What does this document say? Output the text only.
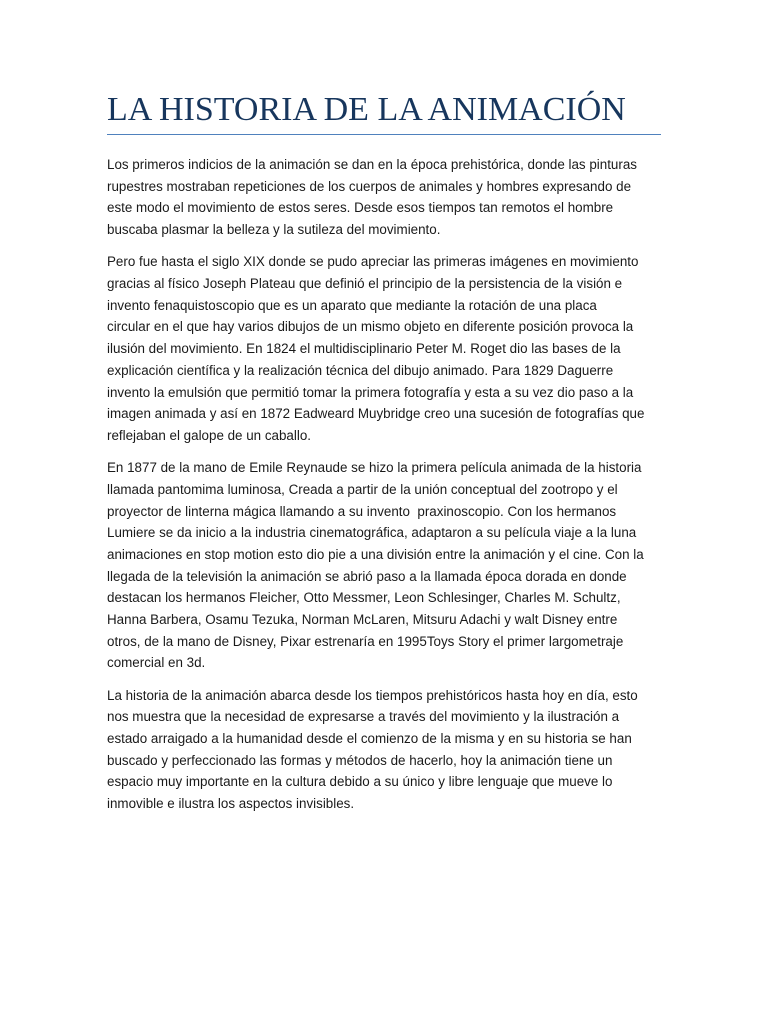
LA HISTORIA DE LA ANIMACIÓN

Los primeros indicios de la animación se dan en la época prehistórica, donde las pinturas
rupestres mostraban repeticiones de los cuerpos de animales y hombres expresando de
este modo el movimiento de estos seres. Desde esos tiempos tan remotos el hombre
buscaba plasmar la belleza y la sutileza del movimiento.

Pero fue hasta el siglo XIX donde se pudo apreciar las primeras imágenes en movimiento
gracias al físico Joseph Plateau que definió el principio de la persistencia de la visión e
invento fenaquistoscopio que es un aparato que mediante la rotación de una placa
circular en el que hay varios dibujos de un mismo objeto en diferente posición provoca la
ilusión del movimiento. En 1824 el multidisciplinario Peter M. Roget dio las bases de la
explicación científica y la realización técnica del dibujo animado. Para 1829 Daguerre
invento la emulsión que permitió tomar la primera fotografía y esta a su vez dio paso a la
imagen animada y así en 1872 Eadweard Muybridge creo una sucesión de fotografías que
reflejaban el galope de un caballo.

En 1877 de la mano de Emile Reynaude se hizo la primera película animada de la historia
llamada pantomima luminosa, Creada a partir de la unión conceptual del zootropo y el
proyector de linterna mágica llamando a su invento  praxinoscopio. Con los hermanos
Lumiere se da inicio a la industria cinematográfica, adaptaron a su película viaje a la luna
animaciones en stop motion esto dio pie a una división entre la animación y el cine. Con la
llegada de la televisión la animación se abrió paso a la llamada época dorada en donde
destacan los hermanos Fleicher, Otto Messmer, Leon Schlesinger, Charles M. Schultz,
Hanna Barbera, Osamu Tezuka, Norman McLaren, Mitsuru Adachi y walt Disney entre
otros, de la mano de Disney, Pixar estrenaría en 1995Toys Story el primer largometraje
comercial en 3d.

La historia de la animación abarca desde los tiempos prehistóricos hasta hoy en día, esto
nos muestra que la necesidad de expresarse a través del movimiento y la ilustración a
estado arraigado a la humanidad desde el comienzo de la misma y en su historia se han
buscado y perfeccionado las formas y métodos de hacerlo, hoy la animación tiene un
espacio muy importante en la cultura debido a su único y libre lenguaje que mueve lo
inmovible e ilustra los aspectos invisibles.
